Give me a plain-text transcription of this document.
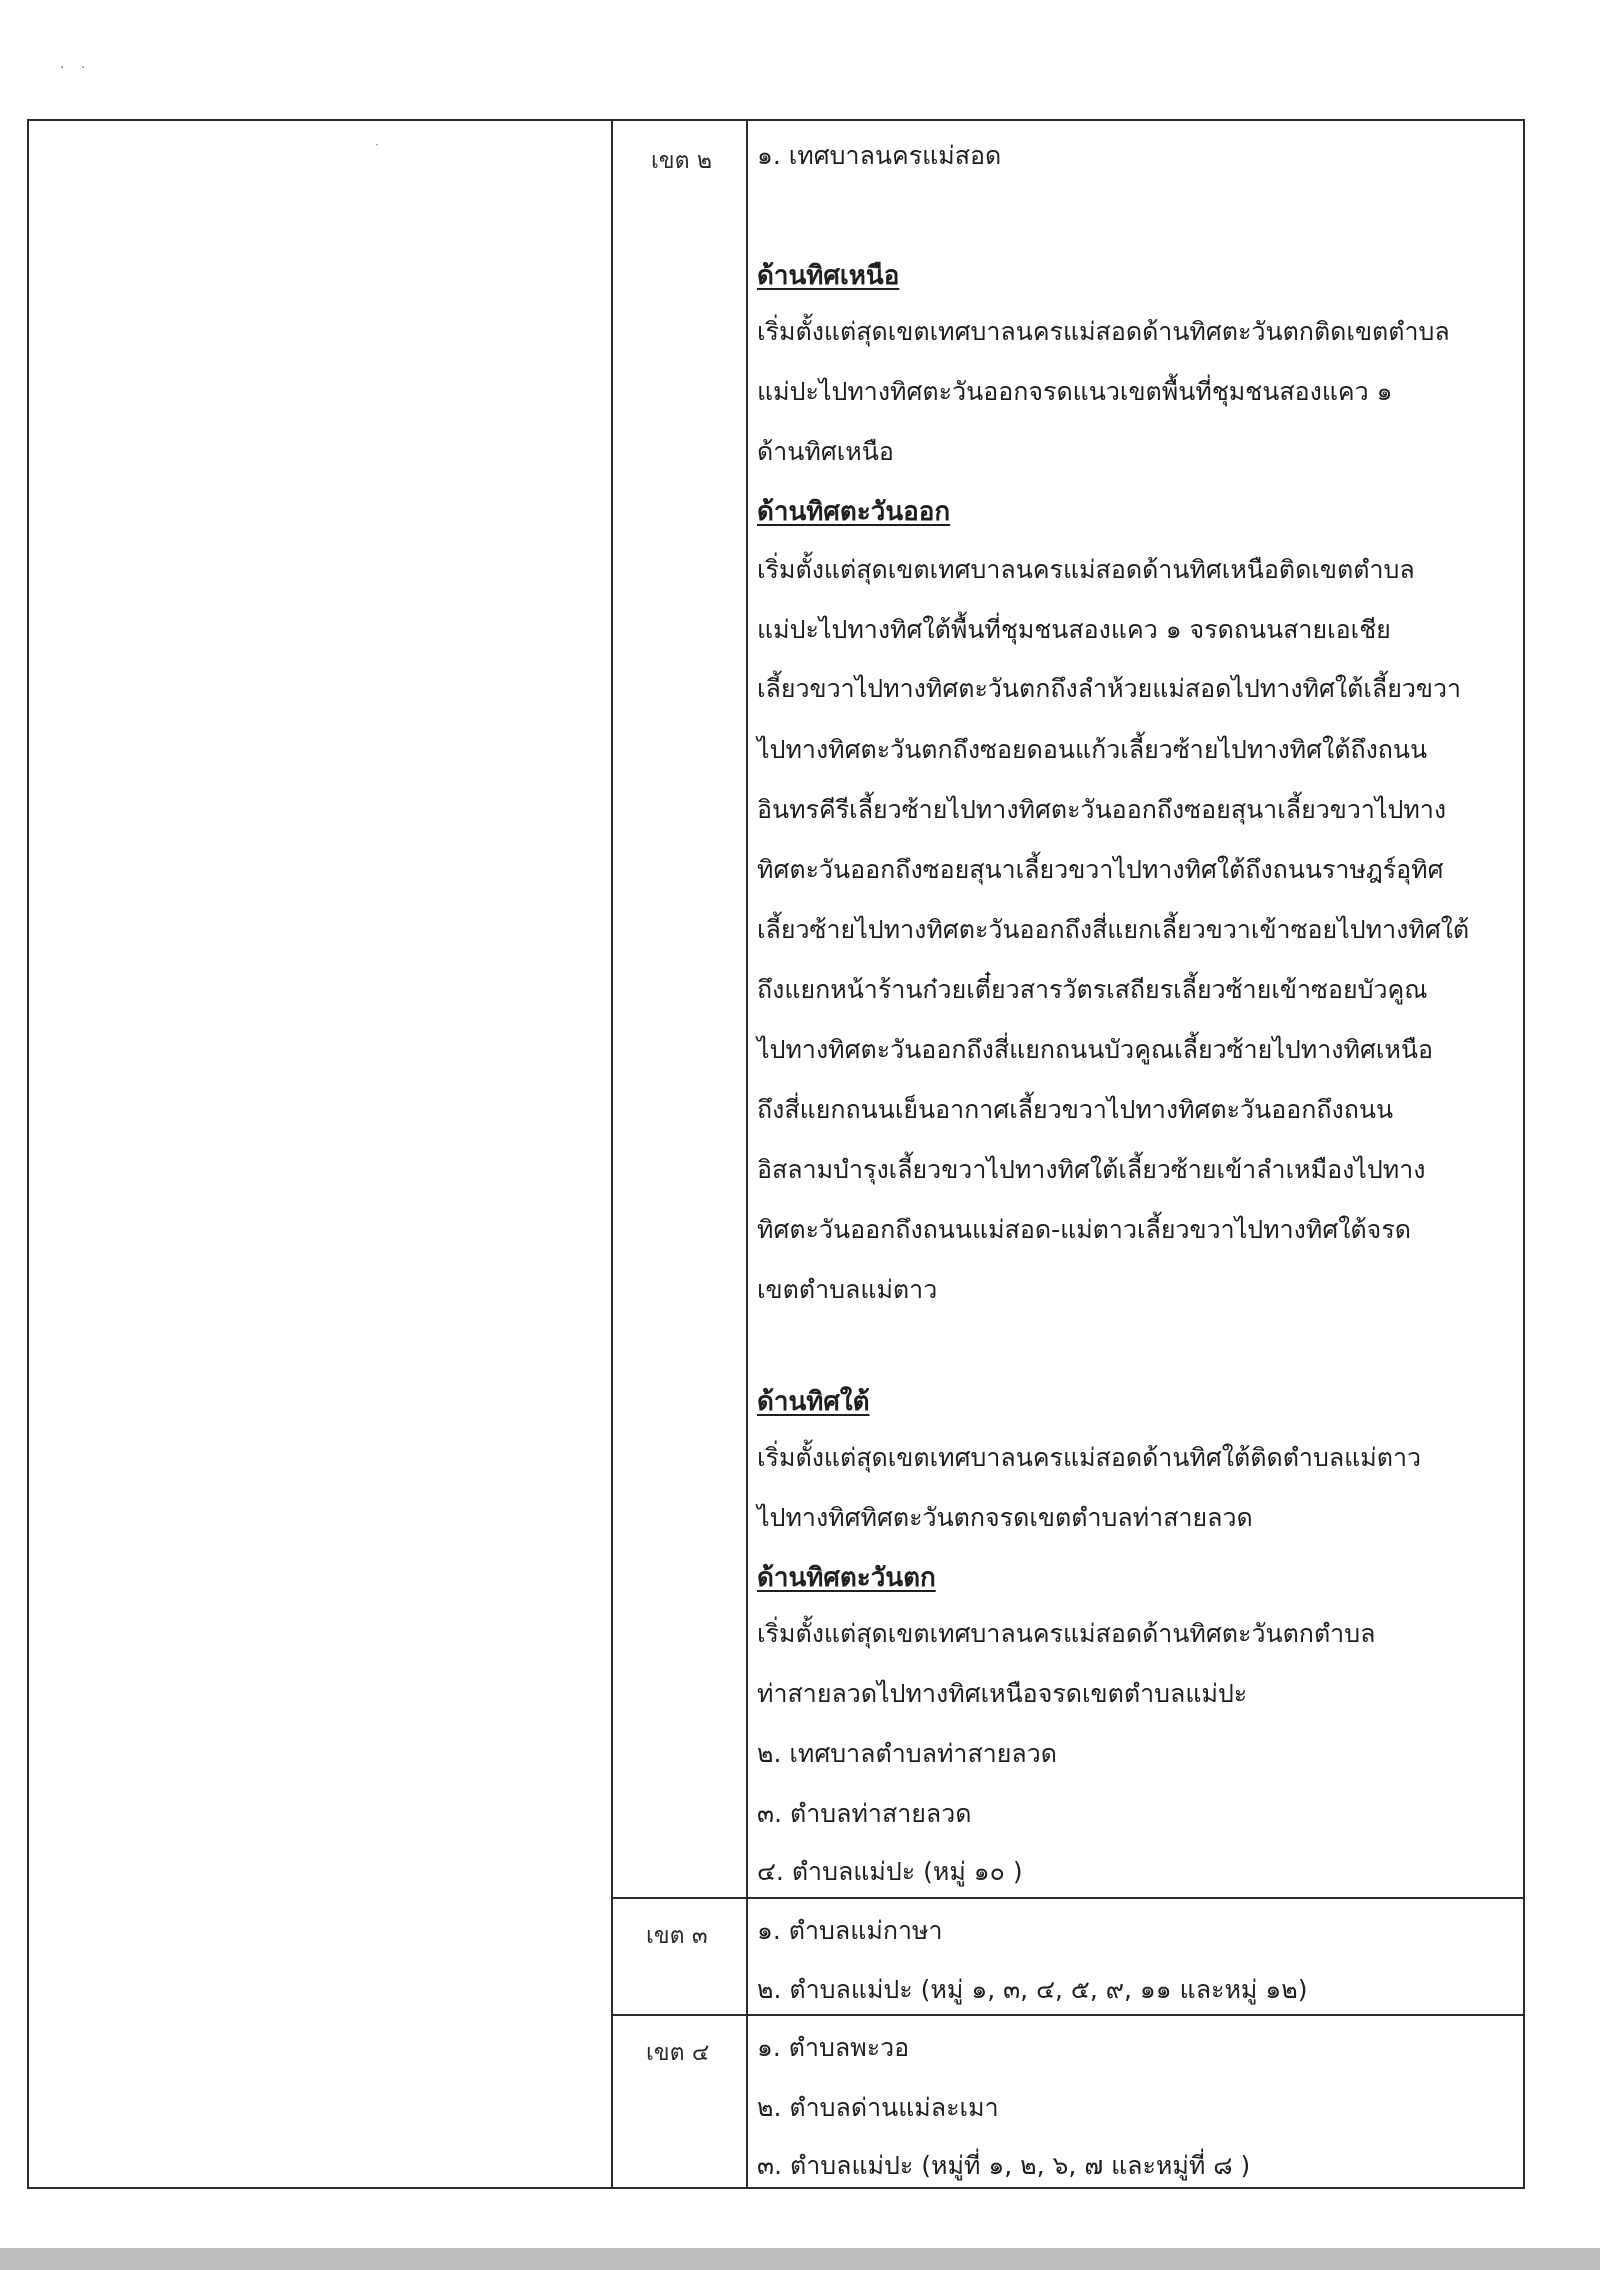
· ·
˙
·
เขต ๒
เขต ๓
เขต ๔
๑. เทศบาลนครแม่สอด
ด้านทิศเหนือ
เริ่มตั้งแต่สุดเขตเทศบาลนครแม่สอดด้านทิศตะวันตกติดเขตตำบล
แม่ปะไปทางทิศตะวันออกจรดแนวเขตพื้นที่ชุมชนสองแคว ๑
ด้านทิศเหนือ
ด้านทิศตะวันออก
เริ่มตั้งแต่สุดเขตเทศบาลนครแม่สอดด้านทิศเหนือติดเขตตำบล
แม่ปะไปทางทิศใต้พื้นที่ชุมชนสองแคว ๑ จรดถนนสายเอเชีย
เลี้ยวขวาไปทางทิศตะวันตกถึงลำห้วยแม่สอดไปทางทิศใต้เลี้ยวขวา
ไปทางทิศตะวันตกถึงซอยดอนแก้วเลี้ยวซ้ายไปทางทิศใต้ถึงถนน
อินทรคีรีเลี้ยวซ้ายไปทางทิศตะวันออกถึงซอยสุนาเลี้ยวขวาไปทาง
ทิศตะวันออกถึงซอยสุนาเลี้ยวขวาไปทางทิศใต้ถึงถนนราษฎร์อุทิศ
เลี้ยวซ้ายไปทางทิศตะวันออกถึงสี่แยกเลี้ยวขวาเข้าซอยไปทางทิศใต้
ถึงแยกหน้าร้านก๋วยเตี๋ยวสารวัตรเสถียรเลี้ยวซ้ายเข้าซอยบัวคูณ
ไปทางทิศตะวันออกถึงสี่แยกถนนบัวคูณเลี้ยวซ้ายไปทางทิศเหนือ
ถึงสี่แยกถนนเย็นอากาศเลี้ยวขวาไปทางทิศตะวันออกถึงถนน
อิสลามบำรุงเลี้ยวขวาไปทางทิศใต้เลี้ยวซ้ายเข้าลำเหมืองไปทาง
ทิศตะวันออกถึงถนนแม่สอด-แม่ตาวเลี้ยวขวาไปทางทิศใต้จรด
เขตตำบลแม่ตาว
ด้านทิศใต้
เริ่มตั้งแต่สุดเขตเทศบาลนครแม่สอดด้านทิศใต้ติดตำบลแม่ตาว
ไปทางทิศทิศตะวันตกจรดเขตตำบลท่าสายลวด
ด้านทิศตะวันตก
เริ่มตั้งแต่สุดเขตเทศบาลนครแม่สอดด้านทิศตะวันตกตำบล
ท่าสายลวดไปทางทิศเหนือจรดเขตตำบลแม่ปะ
๒. เทศบาลตำบลท่าสายลวด
๓. ตำบลท่าสายลวด
๔. ตำบลแม่ปะ (หมู่ ๑๐ )
๑. ตำบลแม่กาษา
๒. ตำบลแม่ปะ (หมู่ ๑, ๓, ๔, ๕, ๙, ๑๑ และหมู่ ๑๒)
๑. ตำบลพะวอ
๒. ตำบลด่านแม่ละเมา
๓. ตำบลแม่ปะ (หมู่ที่ ๑, ๒, ๖, ๗ และหมู่ที่ ๘ )
